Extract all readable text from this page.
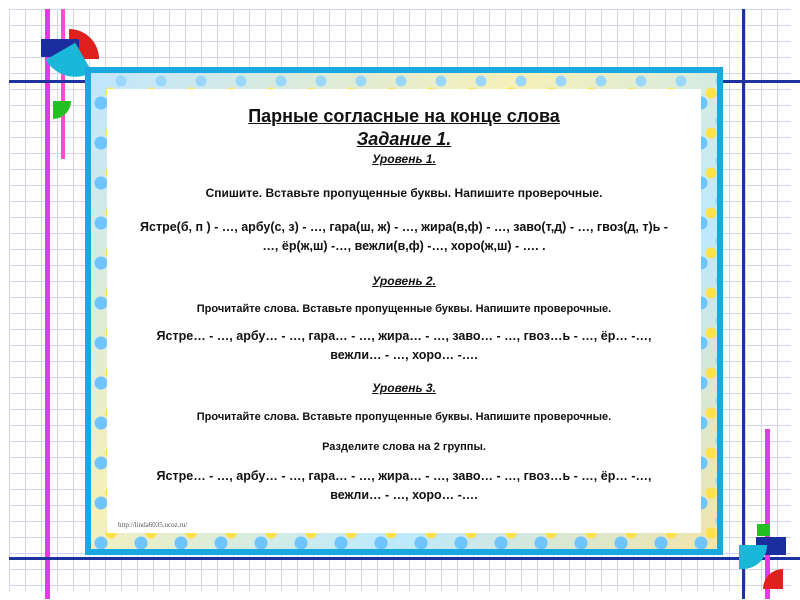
Парные согласные на конце слова
Задание 1.
Уровень 1.
Спишите. Вставьте пропущенные буквы. Напишите проверочные.
Ястре(б, п ) - …, арбу(с, з) - …, гара(ш, ж) - …, жира(в,ф) - …, заво(т,д) - …, гвоз(д, т)ь - …, ёр(ж,ш) -…, вежли(в,ф) -…, хоро(ж,ш) - …. .
Уровень 2.
Прочитайте слова. Вставьте пропущенные буквы. Напишите проверочные.
Ястре… - …, арбу… - …, гара… - …, жира… - …, заво… - …, гвоз…ь - …, ёр… -…, вежли… - …, хоро… -….
Уровень 3.
Прочитайте слова. Вставьте пропущенные буквы. Напишите проверочные.
Разделите слова на 2 группы.
Ястре… - …, арбу… - …, гара… - …, жира… - …, заво… - …, гвоз…ь - …, ёр… -…, вежли… - …, хоро… -….
http://linda6035.ucoz.ru/
